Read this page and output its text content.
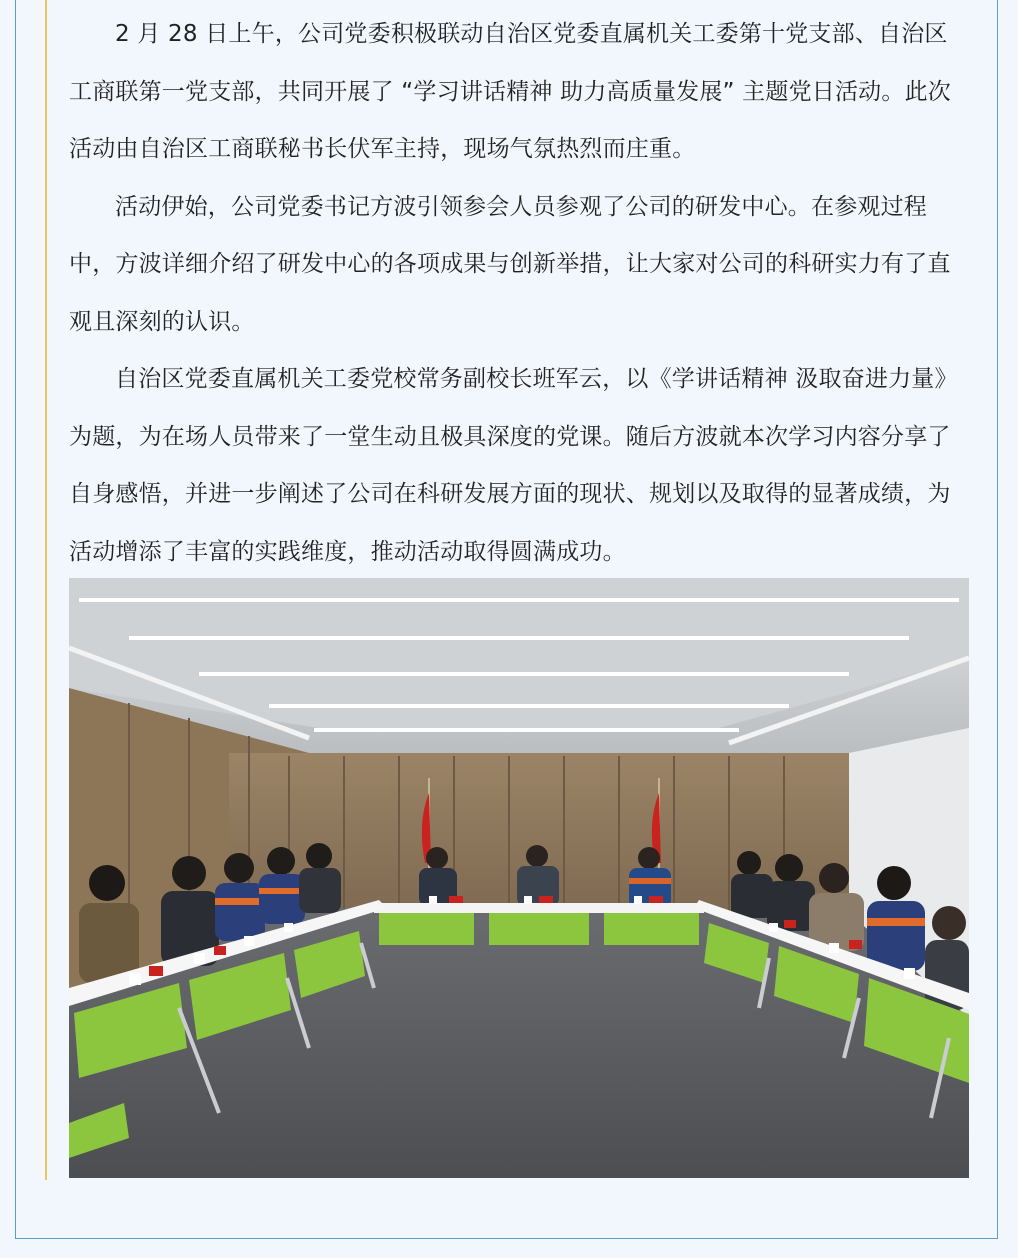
2 月 28 日上午，公司党委积极联动自治区党委直属机关工委第十党支部、自治区工商联第一党支部，共同开展了 “学习讲话精神 助力高质量发展” 主题党日活动。此次活动由自治区工商联秘书长伏军主持，现场气氛热烈而庄重。

活动伊始，公司党委书记方波引领参会人员参观了公司的研发中心。在参观过程中，方波详细介绍了研发中心的各项成果与创新举措，让大家对公司的科研实力有了直观且深刻的认识。

自治区党委直属机关工委党校常务副校长班军云，以《学讲话精神 汲取奋进力量》为题，为在场人员带来了一堂生动且极具深度的党课。随后方波就本次学习内容分享了自身感悟，并进一步阐述了公司在科研发展方面的现状、规划以及取得的显著成绩，为活动增添了丰富的实践维度，推动活动取得圆满成功。
